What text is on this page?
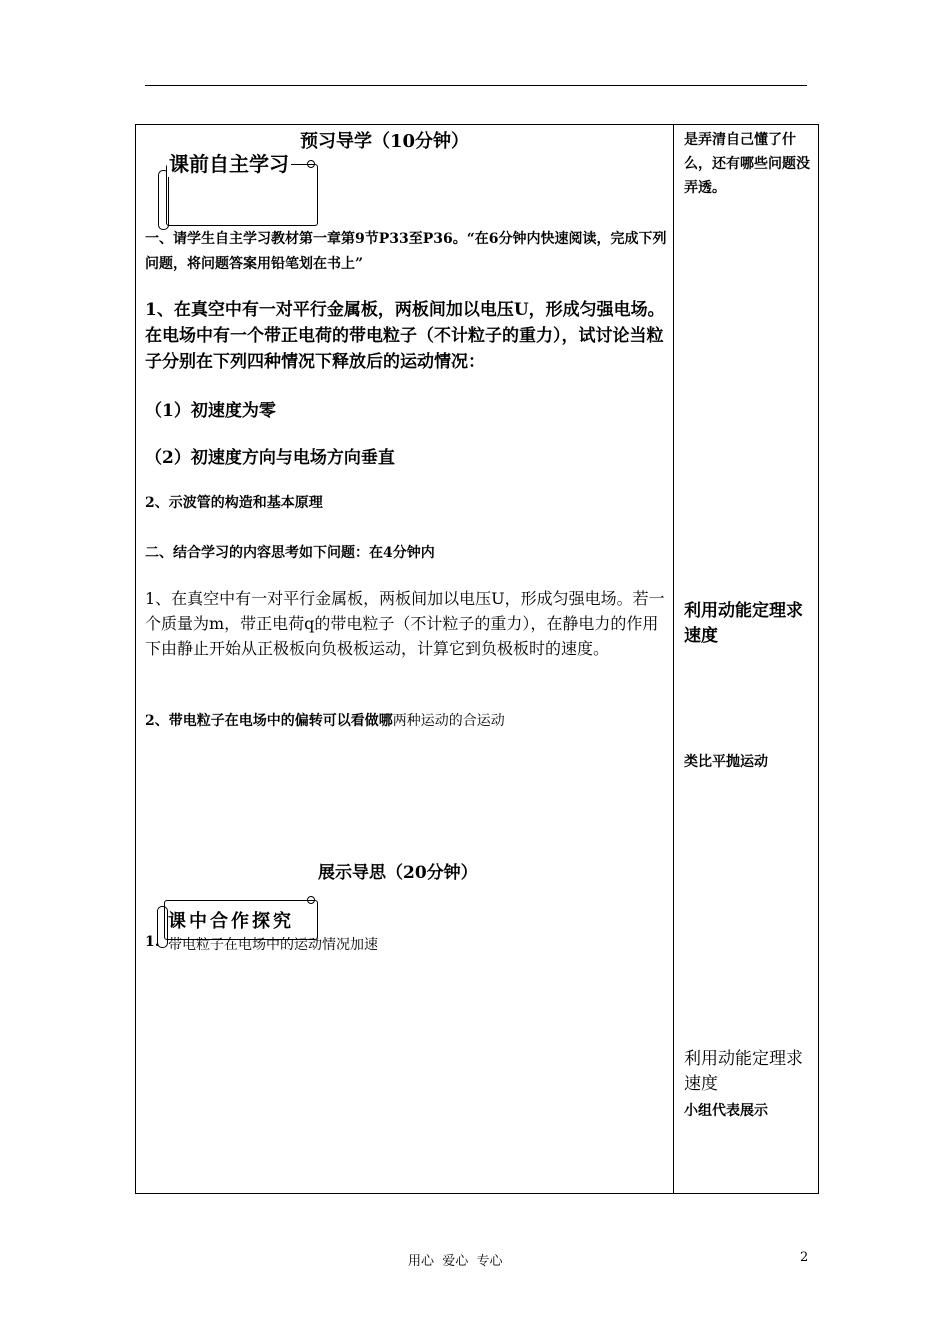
预习导学（10分钟）

课前自主学习

一、请学生自主学习教材第一章第9节P33至P36。“在6分钟内快速阅读，完成下列问题，将问题答案用铅笔划在书上”

1、在真空中有一对平行金属板，两板间加以电压U，形成匀强电场。在电场中有一个带正电荷的带电粒子（不计粒子的重力），试讨论当粒子分别在下列四种情况下释放后的运动情况：

（1）初速度为零

（2）初速度方向与电场方向垂直

2、示波管的构造和基本原理

二、结合学习的内容思考如下问题：在4分钟内

1、在真空中有一对平行金属板，两板间加以电压U，形成匀强电场。若一个质量为m，带正电荷q的带电粒子（不计粒子的重力），在静电力的作用下由静止开始从正极板向负极板运动，计算它到负极板时的速度。

2、带电粒子在电场中的偏转可以看做哪两种运动的合运动

展示导思（20分钟）

课中合作探究

1. 带电粒子在电场中的运动情况加速

是弄清自己懂了什么，还有哪些问题没弄透。

利用动能定理求速度

类比平抛运动

利用动能定理求速度

小组代表展示

用心  爱心  专心	2
